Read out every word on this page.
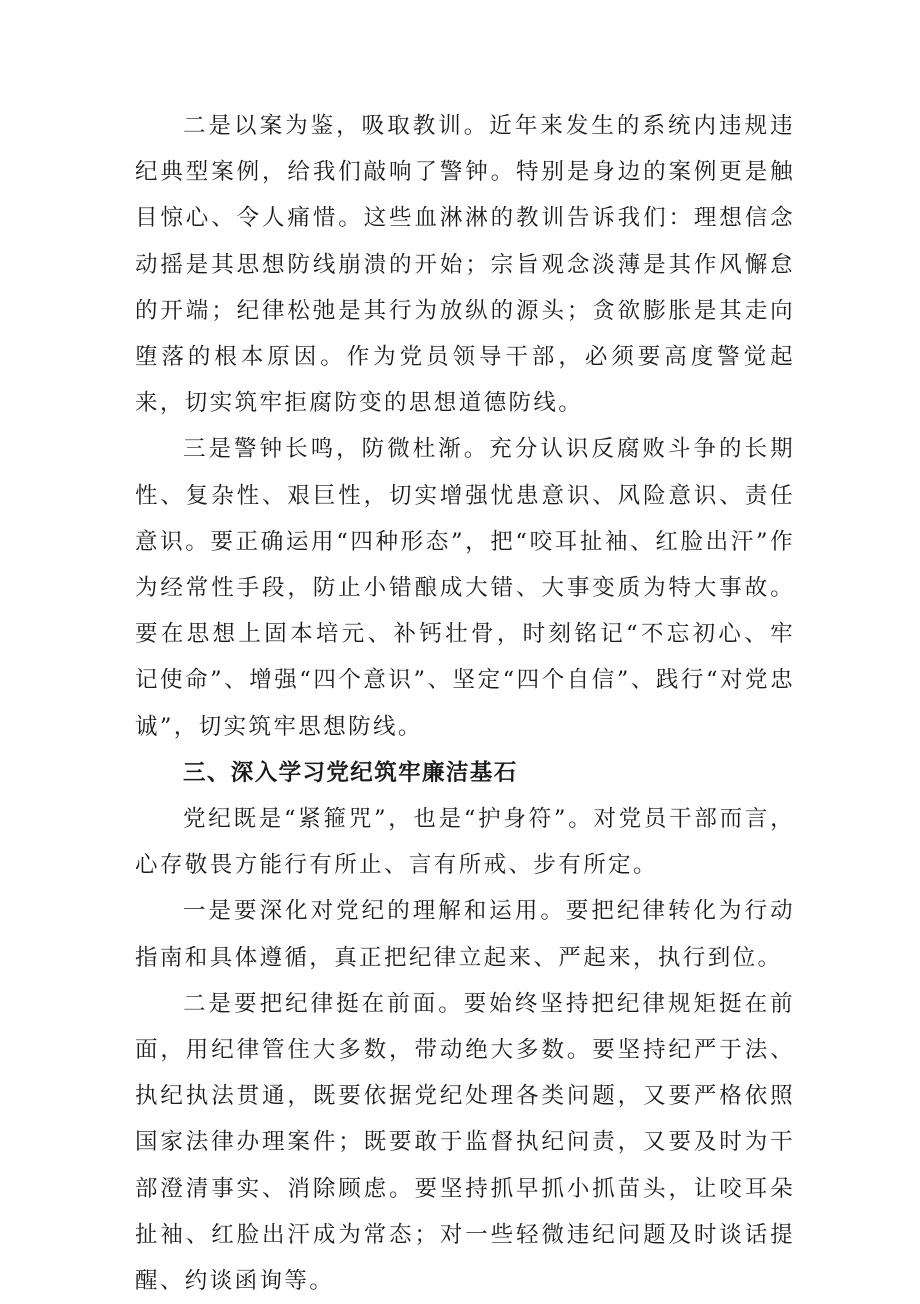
二是以案为鉴，吸取教训。近年来发生的系统内违规违纪典型案例，给我们敲响了警钟。特别是身边的案例更是触目惊心、令人痛惜。这些血淋淋的教训告诉我们：理想信念动摇是其思想防线崩溃的开始；宗旨观念淡薄是其作风懈怠的开端；纪律松弛是其行为放纵的源头；贪欲膨胀是其走向堕落的根本原因。作为党员领导干部，必须要高度警觉起来，切实筑牢拒腐防变的思想道德防线。

三是警钟长鸣，防微杜渐。充分认识反腐败斗争的长期性、复杂性、艰巨性，切实增强忧患意识、风险意识、责任意识。要正确运用“四种形态”，把“咬耳扯袖、红脸出汗”作为经常性手段，防止小错酿成大错、大事变质为特大事故。要在思想上固本培元、补钙壮骨，时刻铭记“不忘初心、牢记使命”、增强“四个意识”、坚定“四个自信”、践行“对党忠诚”，切实筑牢思想防线。

三、深入学习党纪筑牢廉洁基石

党纪既是“紧箍咒”，也是“护身符”。对党员干部而言，心存敬畏方能行有所止、言有所戒、步有所定。

一是要深化对党纪的理解和运用。要把纪律转化为行动指南和具体遵循，真正把纪律立起来、严起来，执行到位。

二是要把纪律挺在前面。要始终坚持把纪律规矩挺在前面，用纪律管住大多数，带动绝大多数。要坚持纪严于法、执纪执法贯通，既要依据党纪处理各类问题，又要严格依照国家法律办理案件；既要敢于监督执纪问责，又要及时为干部澄清事实、消除顾虑。要坚持抓早抓小抓苗头，让咬耳朵扯袖、红脸出汗成为常态；对一些轻微违纪问题及时谈话提醒、约谈函询等。
